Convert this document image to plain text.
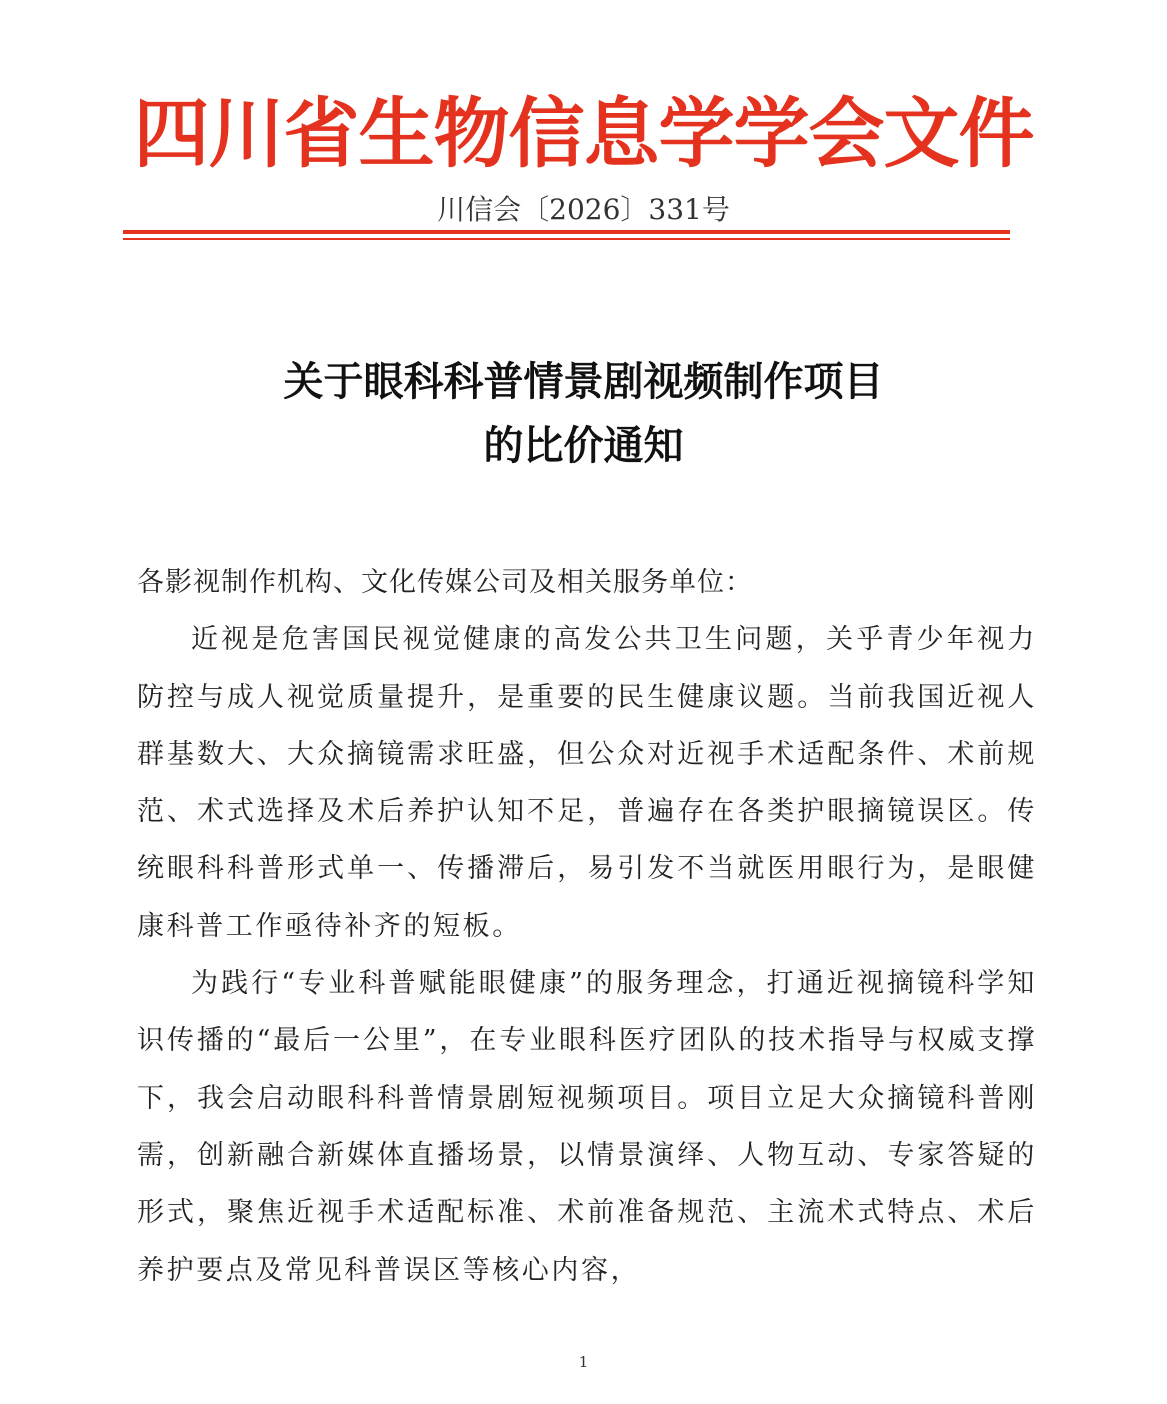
四川省生物信息学学会文件
川信会〔2026〕331号
关于眼科科普情景剧视频制作项目
的比价通知

各影视制作机构、文化传媒公司及相关服务单位：

近视是危害国民视觉健康的高发公共卫生问题，关乎青少年视力防控与成人视觉质量提升，是重要的民生健康议题。当前我国近视人群基数大、大众摘镜需求旺盛，但公众对近视手术适配条件、术前规范、术式选择及术后养护认知不足，普遍存在各类护眼摘镜误区。传统眼科科普形式单一、传播滞后，易引发不当就医用眼行为，是眼健康科普工作亟待补齐的短板。

为践行“专业科普赋能眼健康”的服务理念，打通近视摘镜科学知识传播的“最后一公里”，在专业眼科医疗团队的技术指导与权威支撑下，我会启动眼科科普情景剧短视频项目。项目立足大众摘镜科普刚需，创新融合新媒体直播场景，以情景演绎、人物互动、专家答疑的形式，聚焦近视手术适配标准、术前准备规范、主流术式特点、术后养护要点及常见科普误区等核心内容，

1
